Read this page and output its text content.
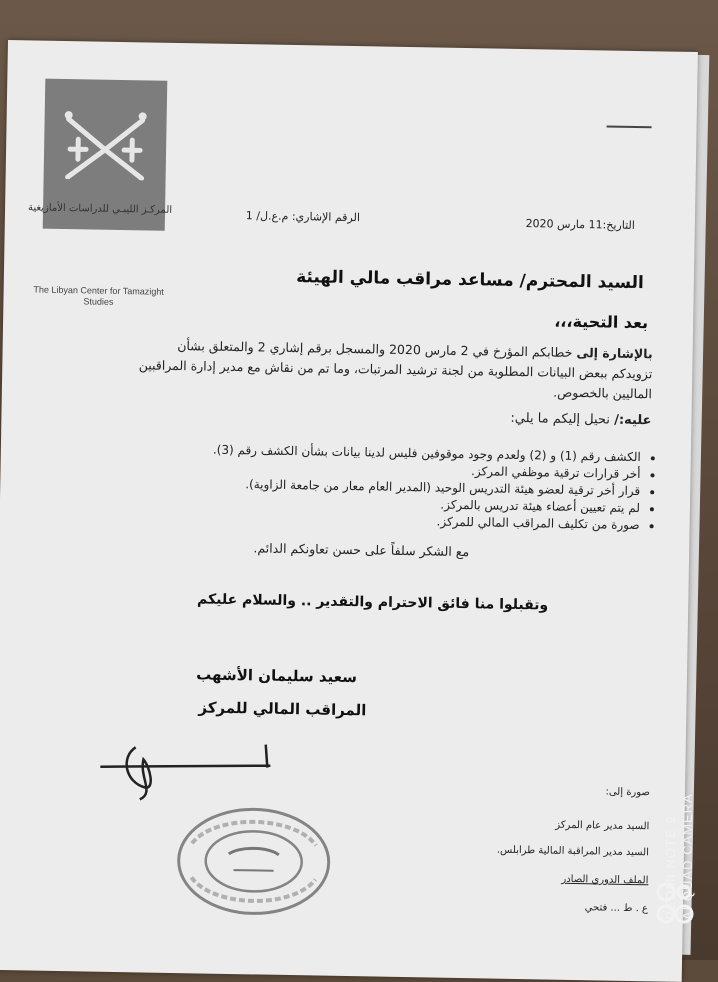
المركـز الليبـي للدراسات الأمازيغية
The Libyan Center for Tamazight Studies
التاريخ:11 مارس 2020
الرقم الإشاري: م.ع.ل/ 1
السيد المحترم/ مساعد مراقب مالي الهيئة
بعد التحية،،،
بالإشارة إلى خطابكم المؤرخ في 2 مارس 2020 والمسجل برقم إشاري 2 والمتعلق بشأن تزويدكم ببعض البيانات المطلوبة من لجنة ترشيد المرتبات، وما تم من نقاش مع مدير إدارة المراقبين الماليين بالخصوص.
عليه:/ نحيل إليكم ما يلي:
• الكشف رقم (1) و (2) ولعدم وجود موقوفين فليس لدينا بيانات بشأن الكشف رقم (3).
• أخر قرارات ترقية موظفي المركز.
• قرار أخر ترقية لعضو هيئة التدريس الوحيد (المدير العام معار من جامعة الزاوية).
• لم يتم تعيين أعضاء هيئة تدريس بالمركز.
• صورة من تكليف المراقب المالي للمركز.
مع الشكر سلفاً على حسن تعاونكم الدائم.
وتقبلوا منا فائق الاحترام والتقدير .. والسلام عليكم
سعيد سليمان الأشهب
المراقب المالي للمركز
صورة إلى:
السيد مدير عام المركز
السيد مدير المراقبة المالية طرابلس.
الملف الدوري الصادر
ع . ط ... فتحي REDMI NOTE 9 AI QUAD CAMERA
